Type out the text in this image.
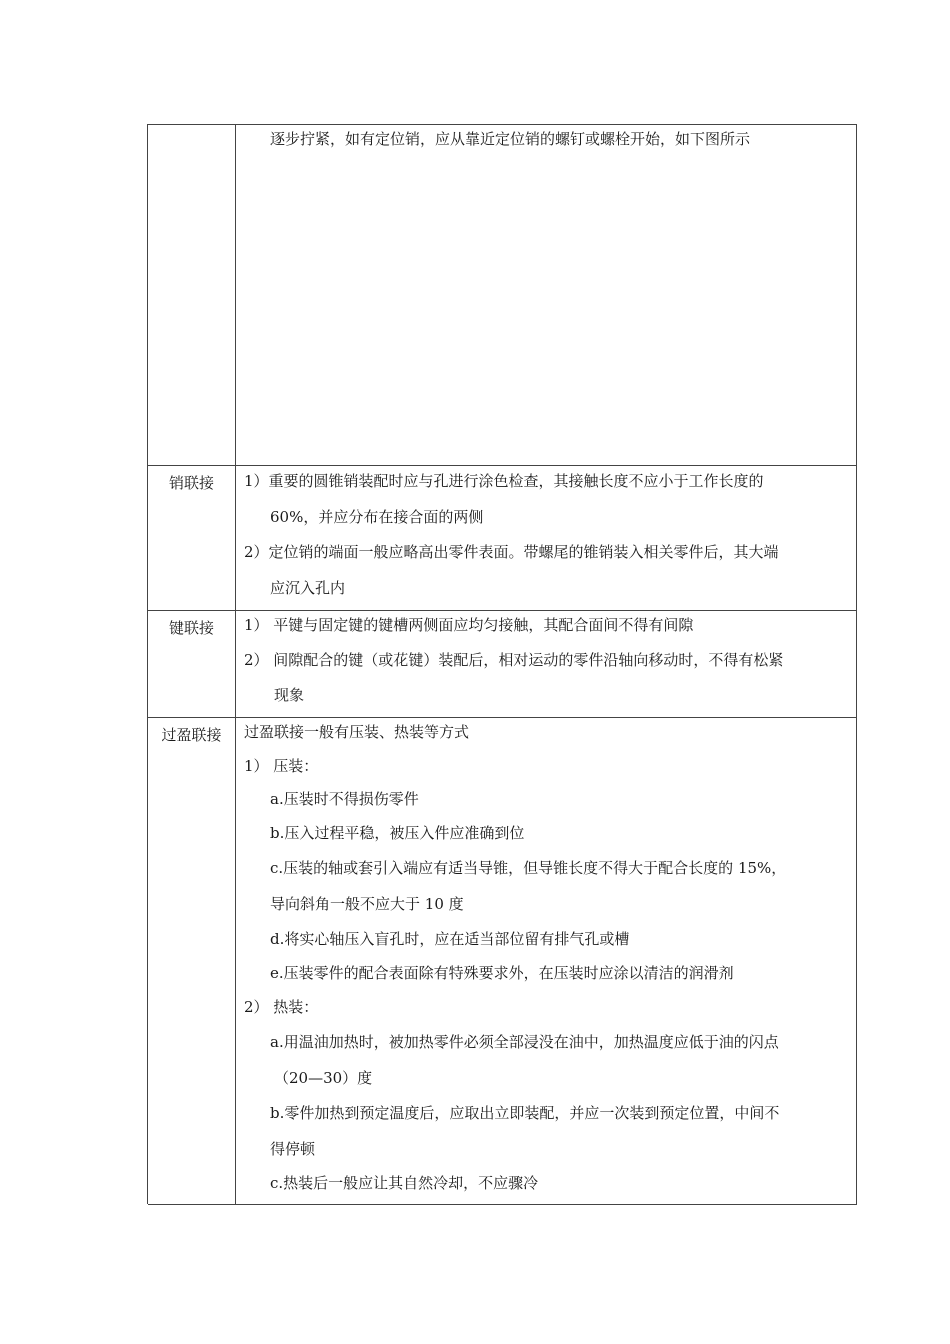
逐步拧紧，如有定位销，应从靠近定位销的螺钉或螺栓开始，如下图所示
销联接	1）重要的圆锥销装配时应与孔进行涂色检查，其接触长度不应小于工作长度的
60%，并应分布在接合面的两侧
2）定位销的端面一般应略高出零件表面。带螺尾的锥销装入相关零件后，其大端
应沉入孔内
键联接	1） 平键与固定键的键槽两侧面应均匀接触，其配合面间不得有间隙
2） 间隙配合的键（或花键）装配后，相对运动的零件沿轴向移动时，不得有松紧
现象
过盈联接	过盈联接一般有压装、热装等方式
1） 压装：
a.压装时不得损伤零件
b.压入过程平稳，被压入件应准确到位
c.压装的轴或套引入端应有适当导锥，但导锥长度不得大于配合长度的 15%，
导向斜角一般不应大于 10 度
d.将实心轴压入盲孔时，应在适当部位留有排气孔或槽
e.压装零件的配合表面除有特殊要求外，在压装时应涂以清洁的润滑剂
2） 热装：
a.用温油加热时，被加热零件必须全部浸没在油中，加热温度应低于油的闪点
（20—30）度
b.零件加热到预定温度后，应取出立即装配，并应一次装到预定位置，中间不
得停顿
c.热装后一般应让其自然冷却，不应骤冷
